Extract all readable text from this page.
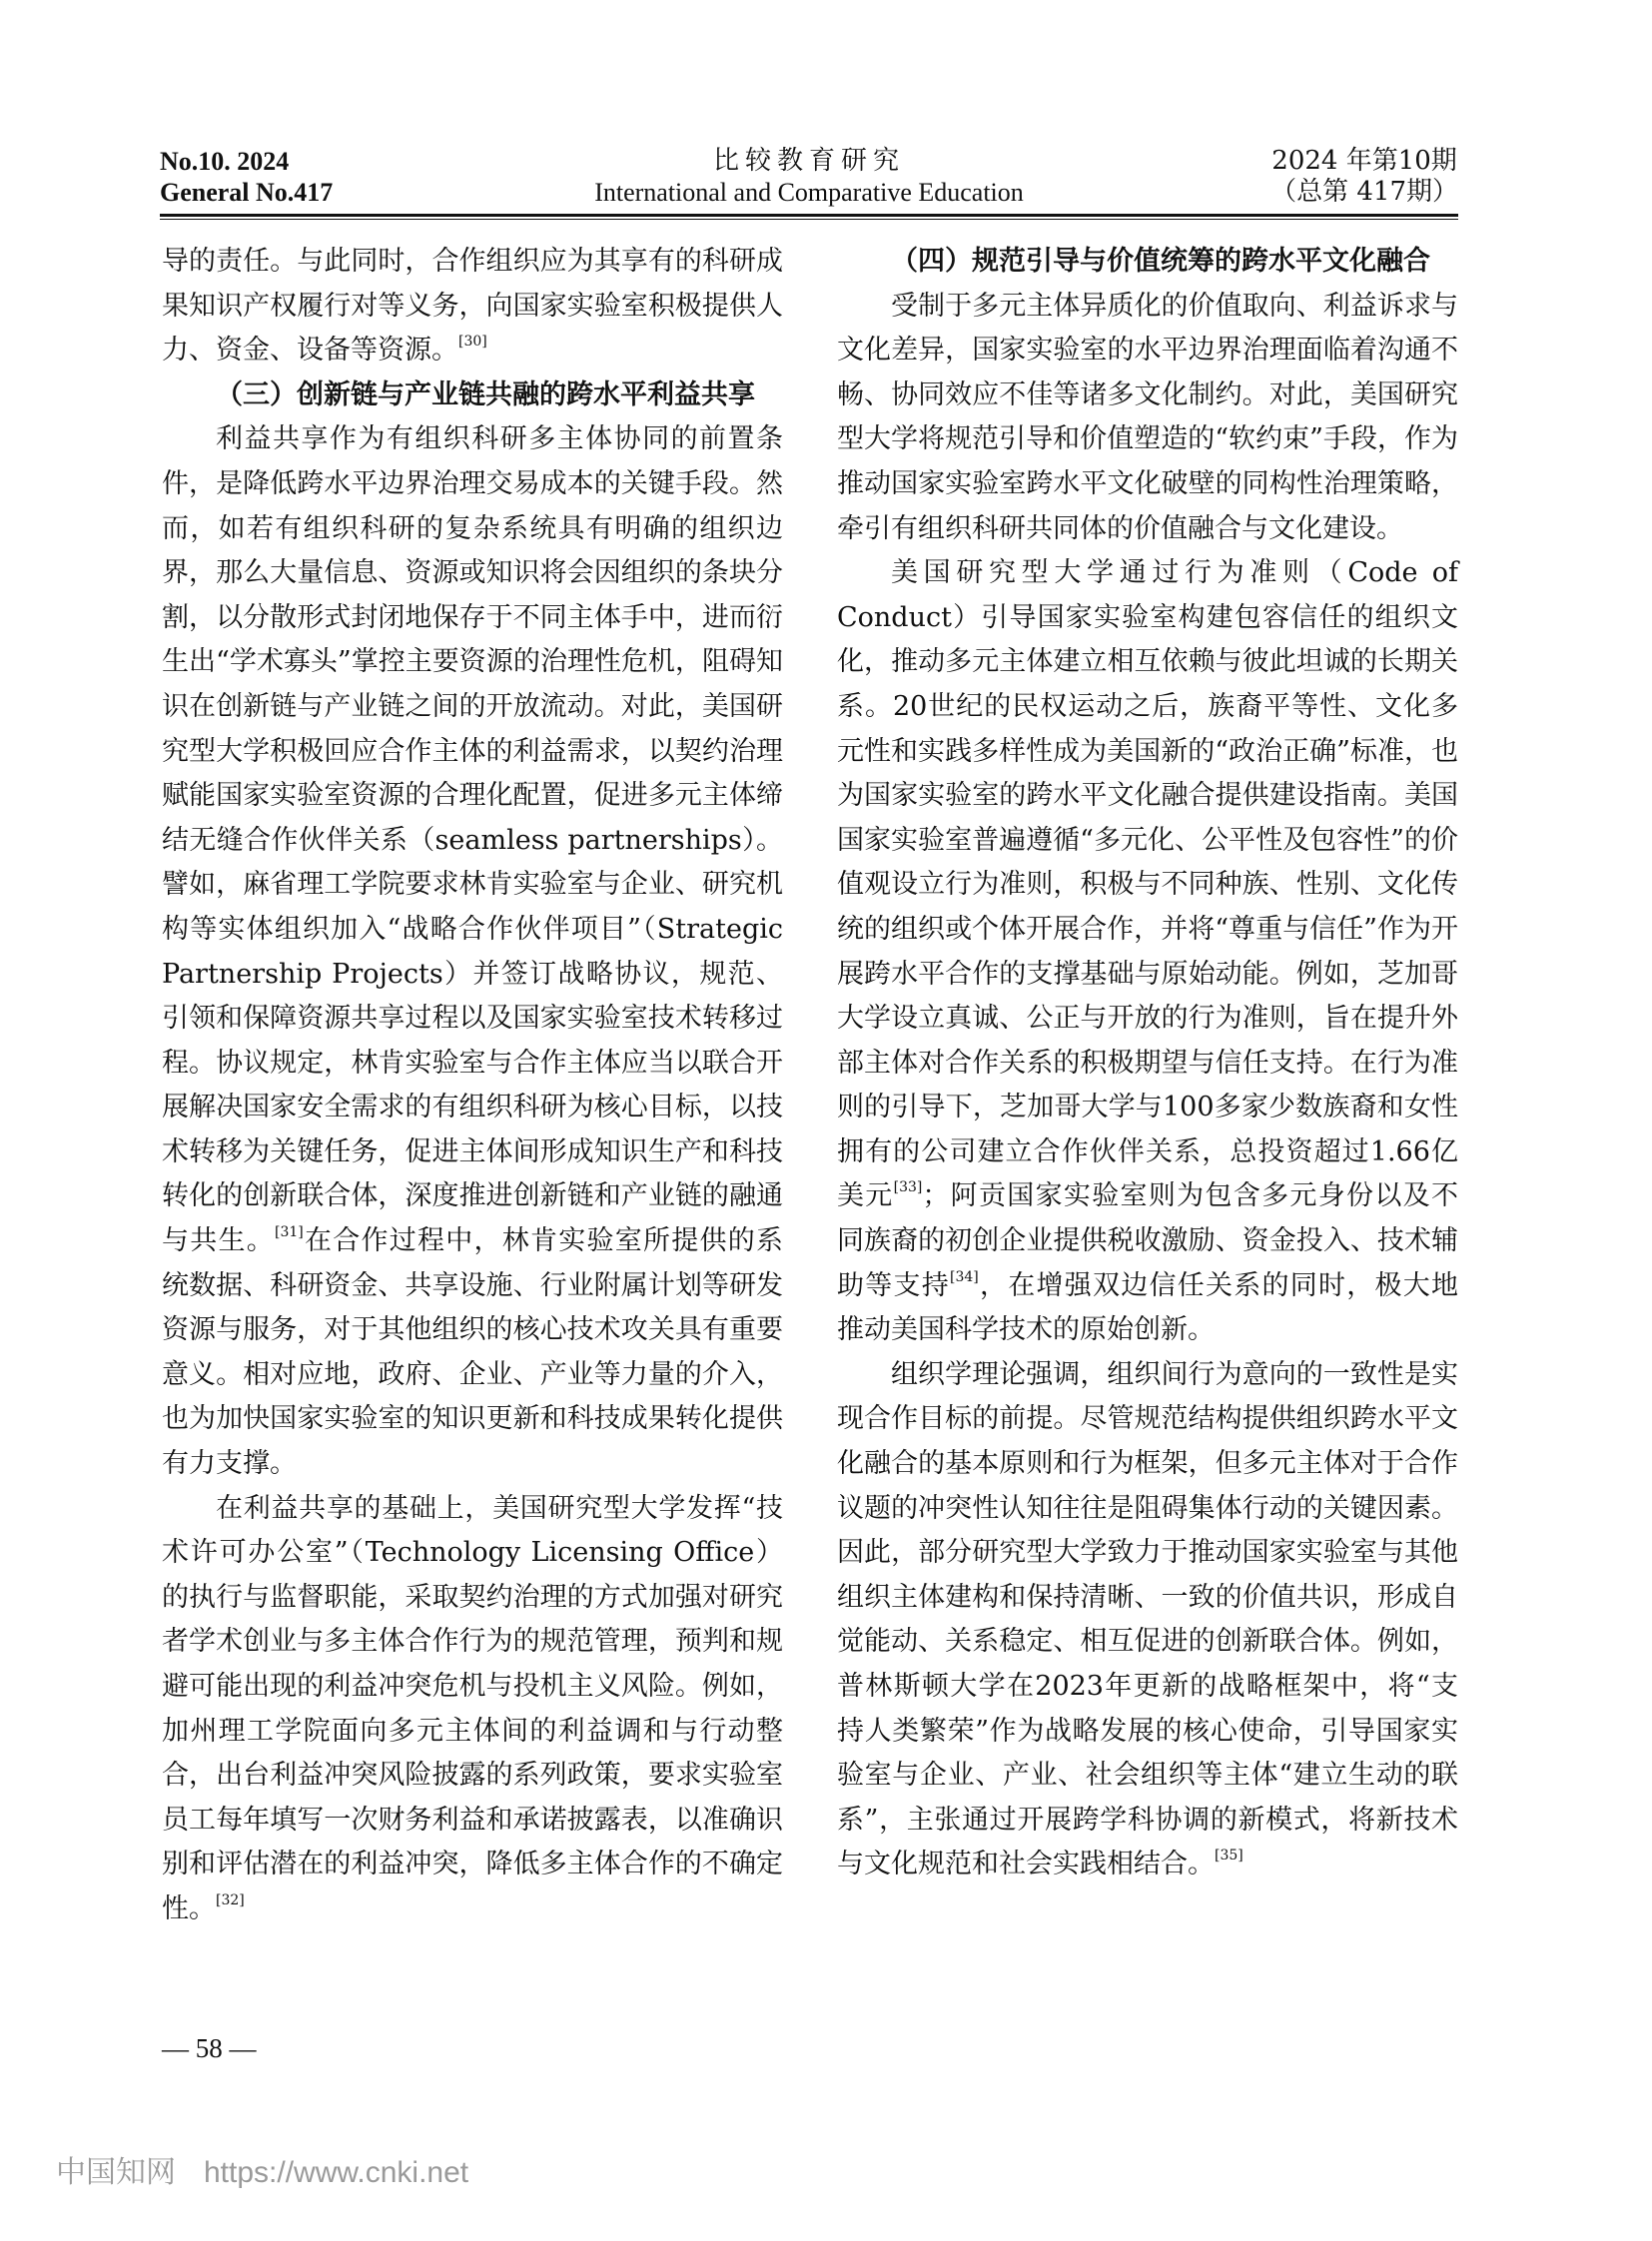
No.10. 2024
General No.417
比较教育研究
International and Comparative Education
2024 年第10期
（总第 417期）

导的责任。与此同时，合作组织应为其享有的科研成果知识产权履行对等义务，向国家实验室积极提供人力、资金、设备等资源。[30]

（三）创新链与产业链共融的跨水平利益共享

利益共享作为有组织科研多主体协同的前置条件，是降低跨水平边界治理交易成本的关键手段。然而，如若有组织科研的复杂系统具有明确的组织边界，那么大量信息、资源或知识将会因组织的条块分割，以分散形式封闭地保存于不同主体手中，进而衍生出“学术寡头”掌控主要资源的治理性危机，阻碍知识在创新链与产业链之间的开放流动。对此，美国研究型大学积极回应合作主体的利益需求，以契约治理赋能国家实验室资源的合理化配置，促进多元主体缔结无缝合作伙伴关系（seamless partnerships）。譬如，麻省理工学院要求林肯实验室与企业、研究机构等实体组织加入“战略合作伙伴项目”（Strategic Partnership Projects）并签订战略协议，规范、引领和保障资源共享过程以及国家实验室技术转移过程。协议规定，林肯实验室与合作主体应当以联合开展解决国家安全需求的有组织科研为核心目标，以技术转移为关键任务，促进主体间形成知识生产和科技转化的创新联合体，深度推进创新链和产业链的融通与共生。[31]在合作过程中，林肯实验室所提供的系统数据、科研资金、共享设施、行业附属计划等研发资源与服务，对于其他组织的核心技术攻关具有重要意义。相对应地，政府、企业、产业等力量的介入，也为加快国家实验室的知识更新和科技成果转化提供有力支撑。

在利益共享的基础上，美国研究型大学发挥“技术许可办公室”（Technology Licensing Office）的执行与监督职能，采取契约治理的方式加强对研究者学术创业与多主体合作行为的规范管理，预判和规避可能出现的利益冲突危机与投机主义风险。例如，加州理工学院面向多元主体间的利益调和与行动整合，出台利益冲突风险披露的系列政策，要求实验室员工每年填写一次财务利益和承诺披露表，以准确识别和评估潜在的利益冲突，降低多主体合作的不确定性。[32]

（四）规范引导与价值统筹的跨水平文化融合

受制于多元主体异质化的价值取向、利益诉求与文化差异，国家实验室的水平边界治理面临着沟通不畅、协同效应不佳等诸多文化制约。对此，美国研究型大学将规范引导和价值塑造的“软约束”手段，作为推动国家实验室跨水平文化破壁的同构性治理策略，牵引有组织科研共同体的价值融合与文化建设。

美国研究型大学通过行为准则（Code of Conduct）引导国家实验室构建包容信任的组织文化，推动多元主体建立相互依赖与彼此坦诚的长期关系。20世纪的民权运动之后，族裔平等性、文化多元性和实践多样性成为美国新的“政治正确”标准，也为国家实验室的跨水平文化融合提供建设指南。美国国家实验室普遍遵循“多元化、公平性及包容性”的价值观设立行为准则，积极与不同种族、性别、文化传统的组织或个体开展合作，并将“尊重与信任”作为开展跨水平合作的支撑基础与原始动能。例如，芝加哥大学设立真诚、公正与开放的行为准则，旨在提升外部主体对合作关系的积极期望与信任支持。在行为准则的引导下，芝加哥大学与100多家少数族裔和女性拥有的公司建立合作伙伴关系，总投资超过1.66亿美元[33]；阿贡国家实验室则为包含多元身份以及不同族裔的初创企业提供税收激励、资金投入、技术辅助等支持[34]，在增强双边信任关系的同时，极大地推动美国科学技术的原始创新。

组织学理论强调，组织间行为意向的一致性是实现合作目标的前提。尽管规范结构提供组织跨水平文化融合的基本原则和行为框架，但多元主体对于合作议题的冲突性认知往往是阻碍集体行动的关键因素。因此，部分研究型大学致力于推动国家实验室与其他组织主体建构和保持清晰、一致的价值共识，形成自觉能动、关系稳定、相互促进的创新联合体。例如，普林斯顿大学在2023年更新的战略框架中，将“支持人类繁荣”作为战略发展的核心使命，引导国家实验室与企业、产业、社会组织等主体“建立生动的联系”，主张通过开展跨学科协调的新模式，将新技术与文化规范和社会实践相结合。[35]

— 58 —
中国知网 https://www.cnki.net
